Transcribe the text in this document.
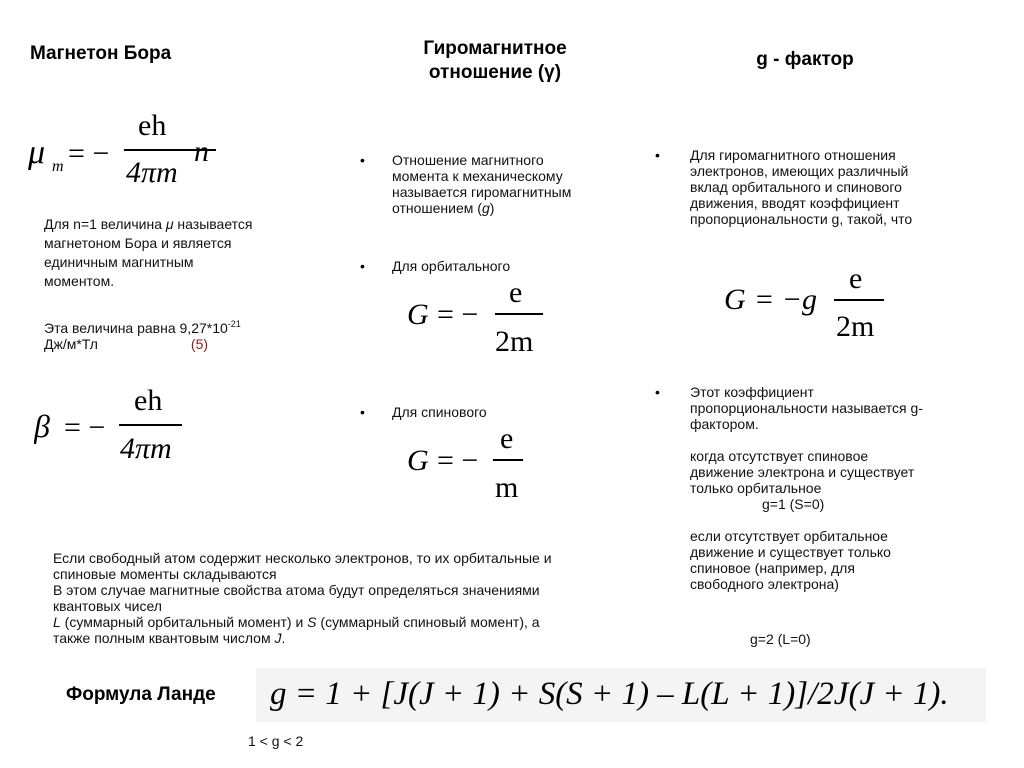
Магнетон Бора	Гиромагнитное
отношение (γ)
g - фактор
μ m = −
eh
4πm
n
Для n=1 величина μ называется
магнетоном Бора и является
единичным магнитным
моментом.
Эта величина равна $9,27*10^{-21}$
Дж/м*Тл	(5)
β = −
eh
4πm
• Отношение магнитного
момента к механическому
называется гиромагнитным
отношением (g)
• Для орбитального
G = −
e
2m
• Для спинового
G = −
e
m
• Для гиромагнитного отношения
электронов, имеющих различный
вклад орбитального и спинового
движения, вводят коэффициент
пропорциональности g, такой, что
G = −g
e
2m
• Этот коэффициент
пропорциональности называется g-
фактором.
когда отсутствует спиновое
движение электрона и существует
только орбитальное
g=1 (S=0)
если отсутствует орбитальное
движение и существует только
спиновое (например, для
свободного электрона)
g=2 (L=0)
Если свободный атом содержит несколько электронов, то их орбитальные и
спиновые моменты складываются
В этом случае магнитные свойства атома будут определяться значениями
квантовых чисел
L (суммарный орбитальный момент) и S (суммарный спиновый момент), а
также полным квантовым числом J.
Формула Ланде g = 1 + [J(J + 1) + S(S + 1) – L(L + 1)]/2J(J + 1).
1 < g < 2
